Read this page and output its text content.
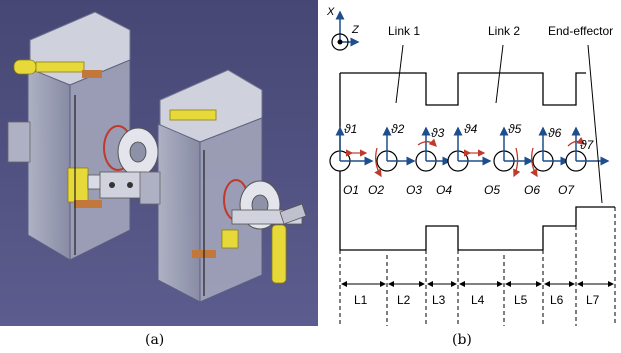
X
Z
ϑ1
O1
ϑ2
O2
ϑ3
O3
ϑ4
O4
ϑ5
O5
ϑ6
O6
ϑ7
O7
Link 1	Link 2 End-effector
L1 L2 L3 L4 L5 L6 L7
(a)	(b)
